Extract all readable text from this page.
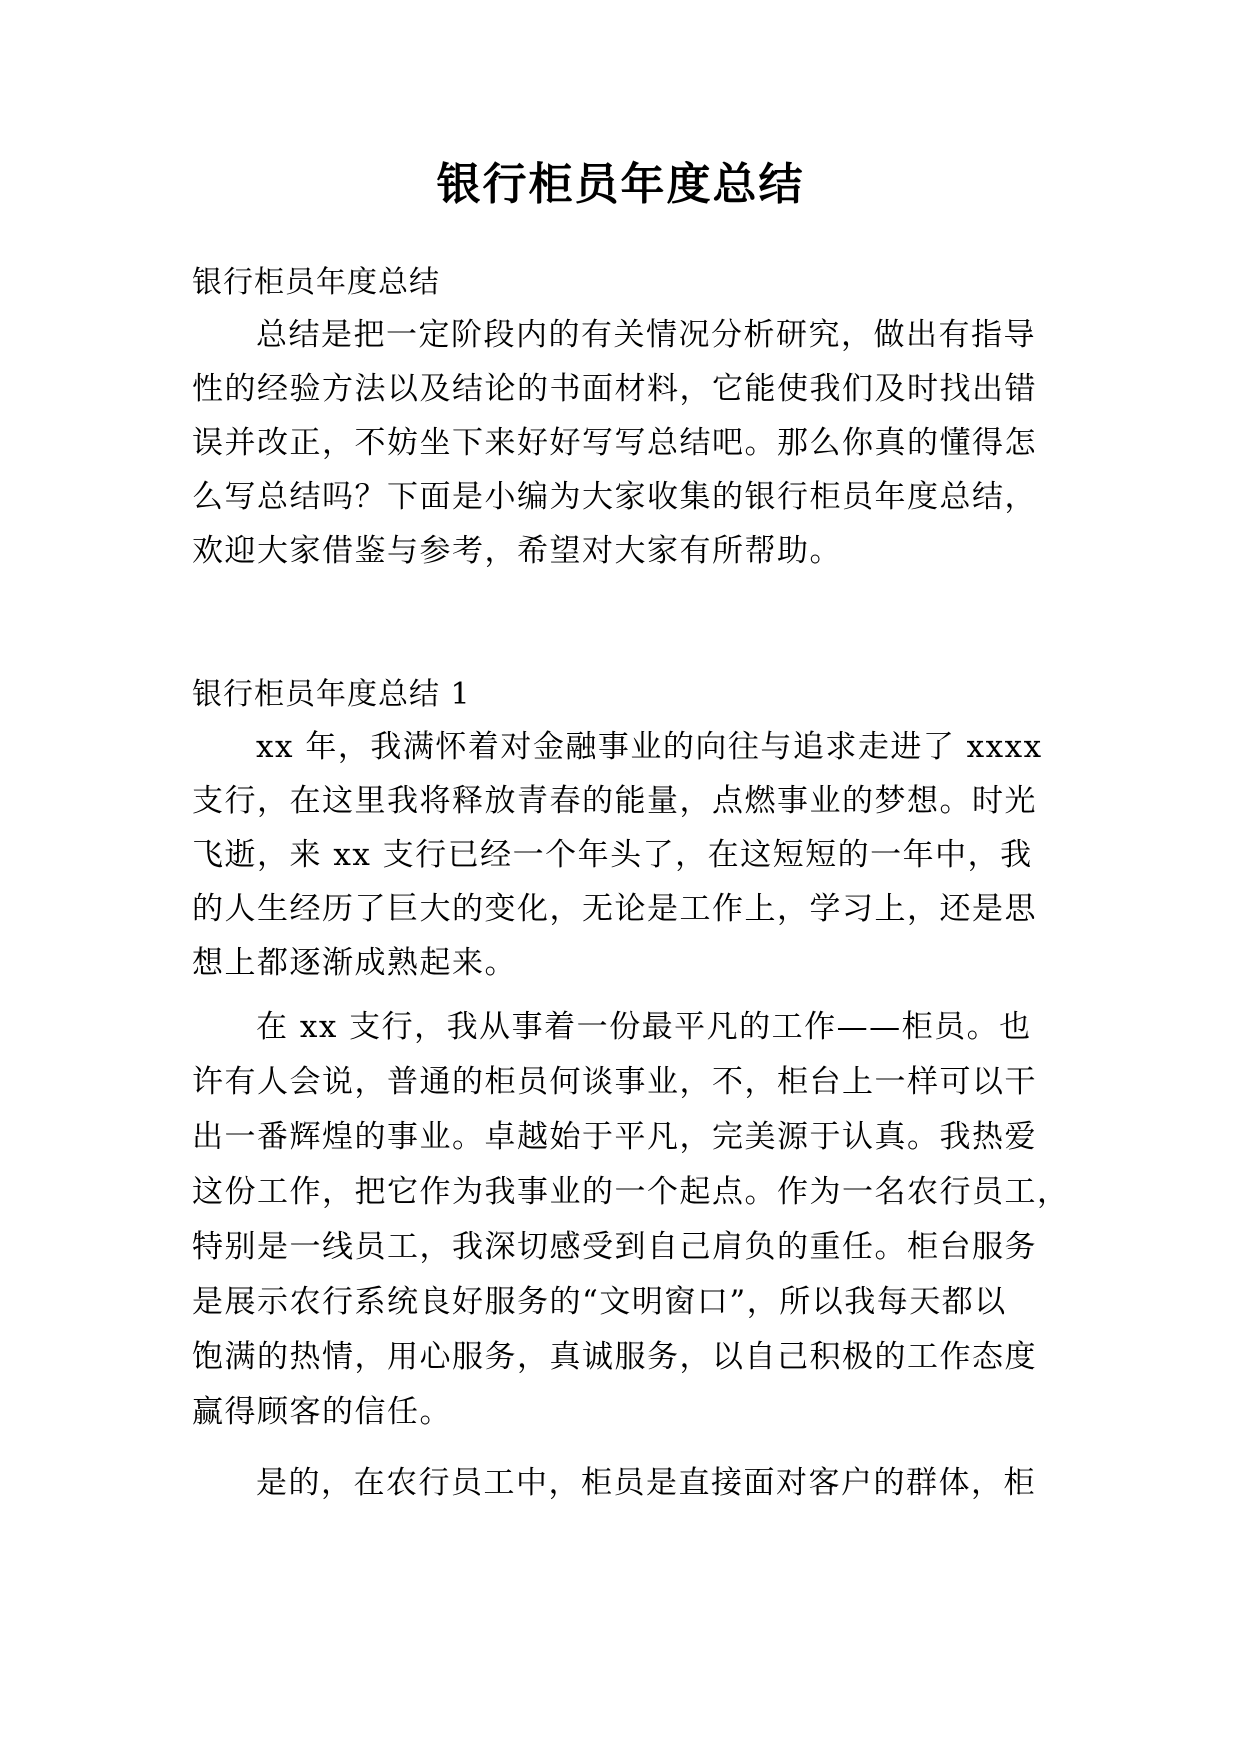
银行柜员年度总结
银行柜员年度总结
总结是把一定阶段内的有关情况分析研究，做出有指导
性的经验方法以及结论的书面材料，它能使我们及时找出错
误并改正，不妨坐下来好好写写总结吧。那么你真的懂得怎
么写总结吗？下面是小编为大家收集的银行柜员年度总结，
欢迎大家借鉴与参考，希望对大家有所帮助。
银行柜员年度总结 1
xx 年，我满怀着对金融事业的向往与追求走进了 xxxx
支行，在这里我将释放青春的能量，点燃事业的梦想。时光
飞逝，来 xx 支行已经一个年头了，在这短短的一年中，我
的人生经历了巨大的变化，无论是工作上，学习上，还是思
想上都逐渐成熟起来。
在 xx 支行，我从事着一份最平凡的工作——柜员。也
许有人会说，普通的柜员何谈事业，不，柜台上一样可以干
出一番辉煌的事业。卓越始于平凡，完美源于认真。我热爱
这份工作，把它作为我事业的一个起点。作为一名农行员工，
特别是一线员工，我深切感受到自己肩负的重任。柜台服务
是展示农行系统良好服务的“文明窗口”，所以我每天都以
饱满的热情，用心服务，真诚服务，以自己积极的工作态度
赢得顾客的信任。
是的，在农行员工中，柜员是直接面对客户的群体，柜
